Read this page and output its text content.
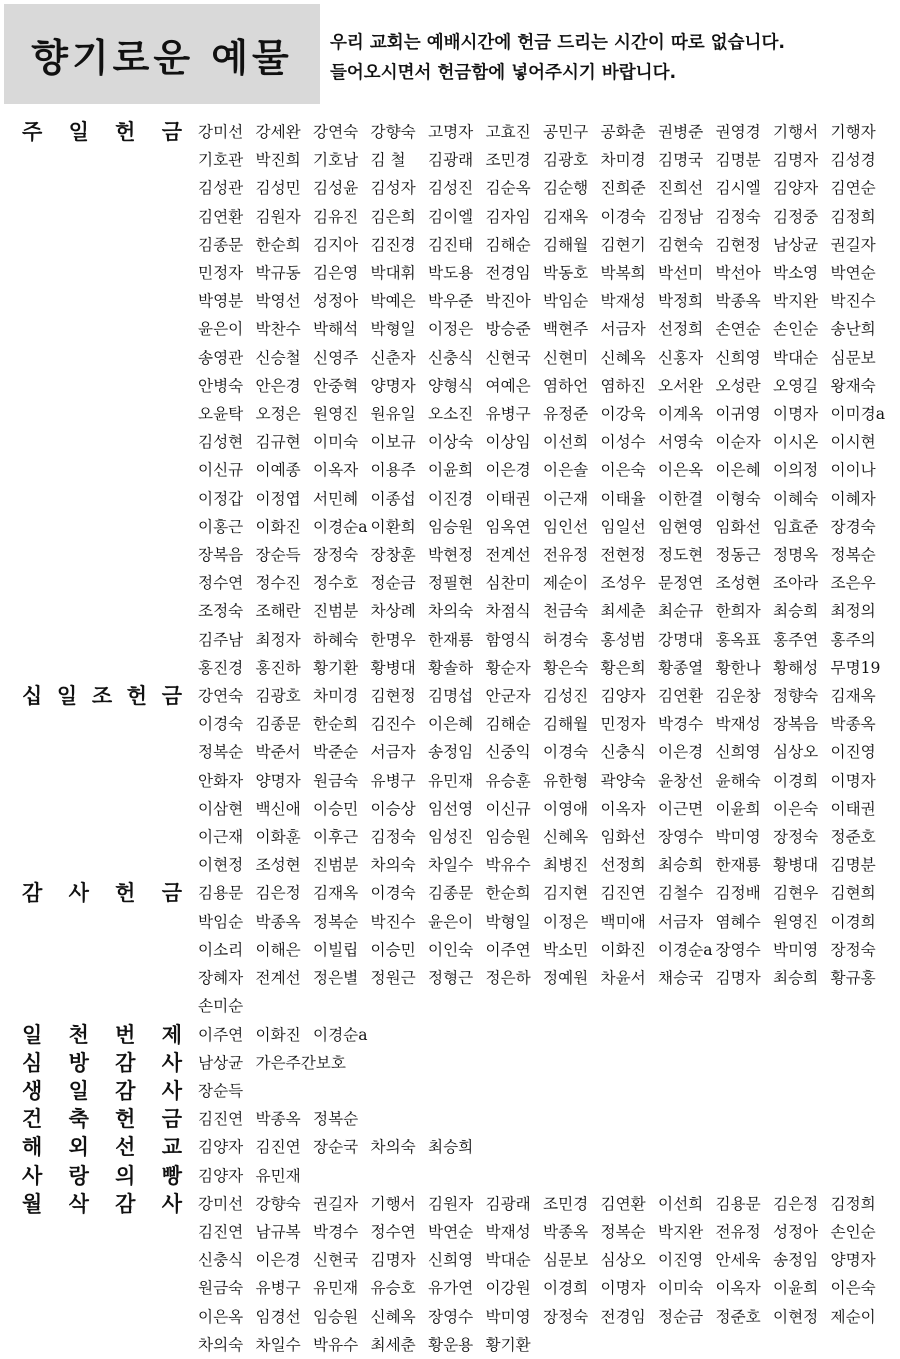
향기로운 예물 우리 교회는 예배시간에 헌금 드리는 시간이 따로 없습니다.
들어오시면서 헌금함에 넣어주시기 바랍니다.
주 일 헌 금 강미선 강세완 강연숙 강향숙 고명자 고효진 공민구 공화춘 권병준 권영경 기행서 기행자
기호관 박진희 기호남 김 철	김광래 조민경 김광호 차미경 김명국 김명분 김명자 김성경
김성관 김성민 김성윤 김성자 김성진 김순옥 김순행 진희준 진희선 김시엘 김양자 김연순
김연환 김원자 김유진 김은희 김이엘 김자임 김재옥 이경숙 김정남 김정숙 김정중 김정희
김종문 한순희 김지아 김진경 김진태 김해순 김해월 김현기 김현숙 김현정 남상균 권길자
민정자 박규동 김은영 박대휘 박도용 전경임 박동호 박복희 박선미 박선아 박소영 박연순
박영분 박영선 성정아 박예은 박우준 박진아 박임순 박재성 박정희 박종옥 박지완 박진수
윤은이 박찬수 박해석 박형일 이정은 방승준 백현주 서금자 선정희 손연순 손인순 송난희
송영관 신승철 신영주 신춘자 신충식 신현국 신현미 신혜옥 신홍자 신희영 박대순 심문보
안병숙 안은경 안중혁 양명자 양형식 여예은 염하언 염하진 오서완 오성란 오영길 왕재숙
오윤탁 오정은 원영진 원유일 오소진 유병구 유정준 이강욱 이계옥 이귀영 이명자 이미경a
김성현 김규현 이미숙 이보규 이상숙 이상임 이선희 이성수 서영숙 이순자 이시온 이시현
이신규 이예종 이옥자 이용주 이윤희 이은경 이은솔 이은숙 이은옥 이은혜 이의정 이이나
이정갑 이정엽 서민혜 이종섭 이진경 이태권 이근재 이태율 이한결 이형숙 이혜숙 이혜자
이홍근 이화진 이경순a 이환희 임승원 임옥연 임인선 임일선 임현영 임화선 임효준 장경숙
장복음 장순득 장정숙 장창훈 박현정 전계선 전유정 전현정 정도현 정동근 정명옥 정복순
정수연 정수진 정수호 정순금 정필현 심찬미 제순이 조성우 문정연 조성현 조아라 조은우
조정숙 조해란 진범분 차상례 차의숙 차점식 천금숙 최세춘 최순규 한희자 최승희 최정의
김주남 최정자 하혜숙 한명우 한재룡 함영식 허경숙 홍성범 강명대 홍옥표 홍주연 홍주의
홍진경 홍진하 황기환 황병대 황솔하 황순자 황은숙 황은희 황종열 황한나 황해성 무명19
십 일 조 헌 금 강연숙 김광호 차미경 김현정 김명섭 안군자 김성진 김양자 김연환 김운창 정향숙 김재옥
이경숙 김종문 한순희 김진수 이은혜 김해순 김해월 민정자 박경수 박재성 장복음 박종옥
정복순 박준서 박준순 서금자 송정임 신중익 이경숙 신충식 이은경 신희영 심상오 이진영
안화자 양명자 원금숙 유병구 유민재 유승훈 유한형 곽양숙 윤창선 윤해숙 이경희 이명자
이삼현 백신애 이승민 이승상 임선영 이신규 이영애 이옥자 이근면 이윤희 이은숙 이태권
이근재 이화훈 이후근 김정숙 임성진 임승원 신혜옥 임화선 장영수 박미영 장정숙 정준호
이현정 조성현 진범분 차의숙 차일수 박유수 최병진 선정희 최승희 한재룡 황병대 김명분
감 사 헌 금 김용문 김은정 김재옥 이경숙 김종문 한순희 김지현 김진연 김철수 김정배 김현우 김현희
박임순 박종옥 정복순 박진수 윤은이 박형일 이정은 백미애 서금자 염혜수 원영진 이경희
이소리 이해은 이빌립 이승민 이인숙 이주연 박소민 이화진 이경순a 장영수 박미영 장정숙
장혜자 전계선 정은별 정원근 정형근 정은하 정예원 차윤서 채승국 김명자 최승희 황규홍
손미순
일 천 번 제 이주연 이화진 이경순a
심 방 감 사 남상균 가은주간보호
생 일 감 사 장순득
건 축 헌 금 김진연 박종옥 정복순
해 외 선 교 김양자 김진연 장순국 차의숙 최승희
사 랑 의 빵 김양자 유민재
월 삭 감 사 강미선 강향숙 권길자 기행서 김원자 김광래 조민경 김연환 이선희 김용문 김은정 김정희
김진연 남규복 박경수 정수연 박연순 박재성 박종옥 정복순 박지완 전유정 성정아 손인순
신충식 이은경 신현국 김명자 신희영 박대순 심문보 심상오 이진영 안세욱 송정임 양명자
원금숙 유병구 유민재 유승호 유가연 이강원 이경희 이명자 이미숙 이옥자 이윤희 이은숙
이은옥 임경선 임승원 신혜옥 장영수 박미영 장정숙 전경임 정순금 정준호 이현정 제순이
차의숙 차일수 박유수 최세춘 황운용 황기환
